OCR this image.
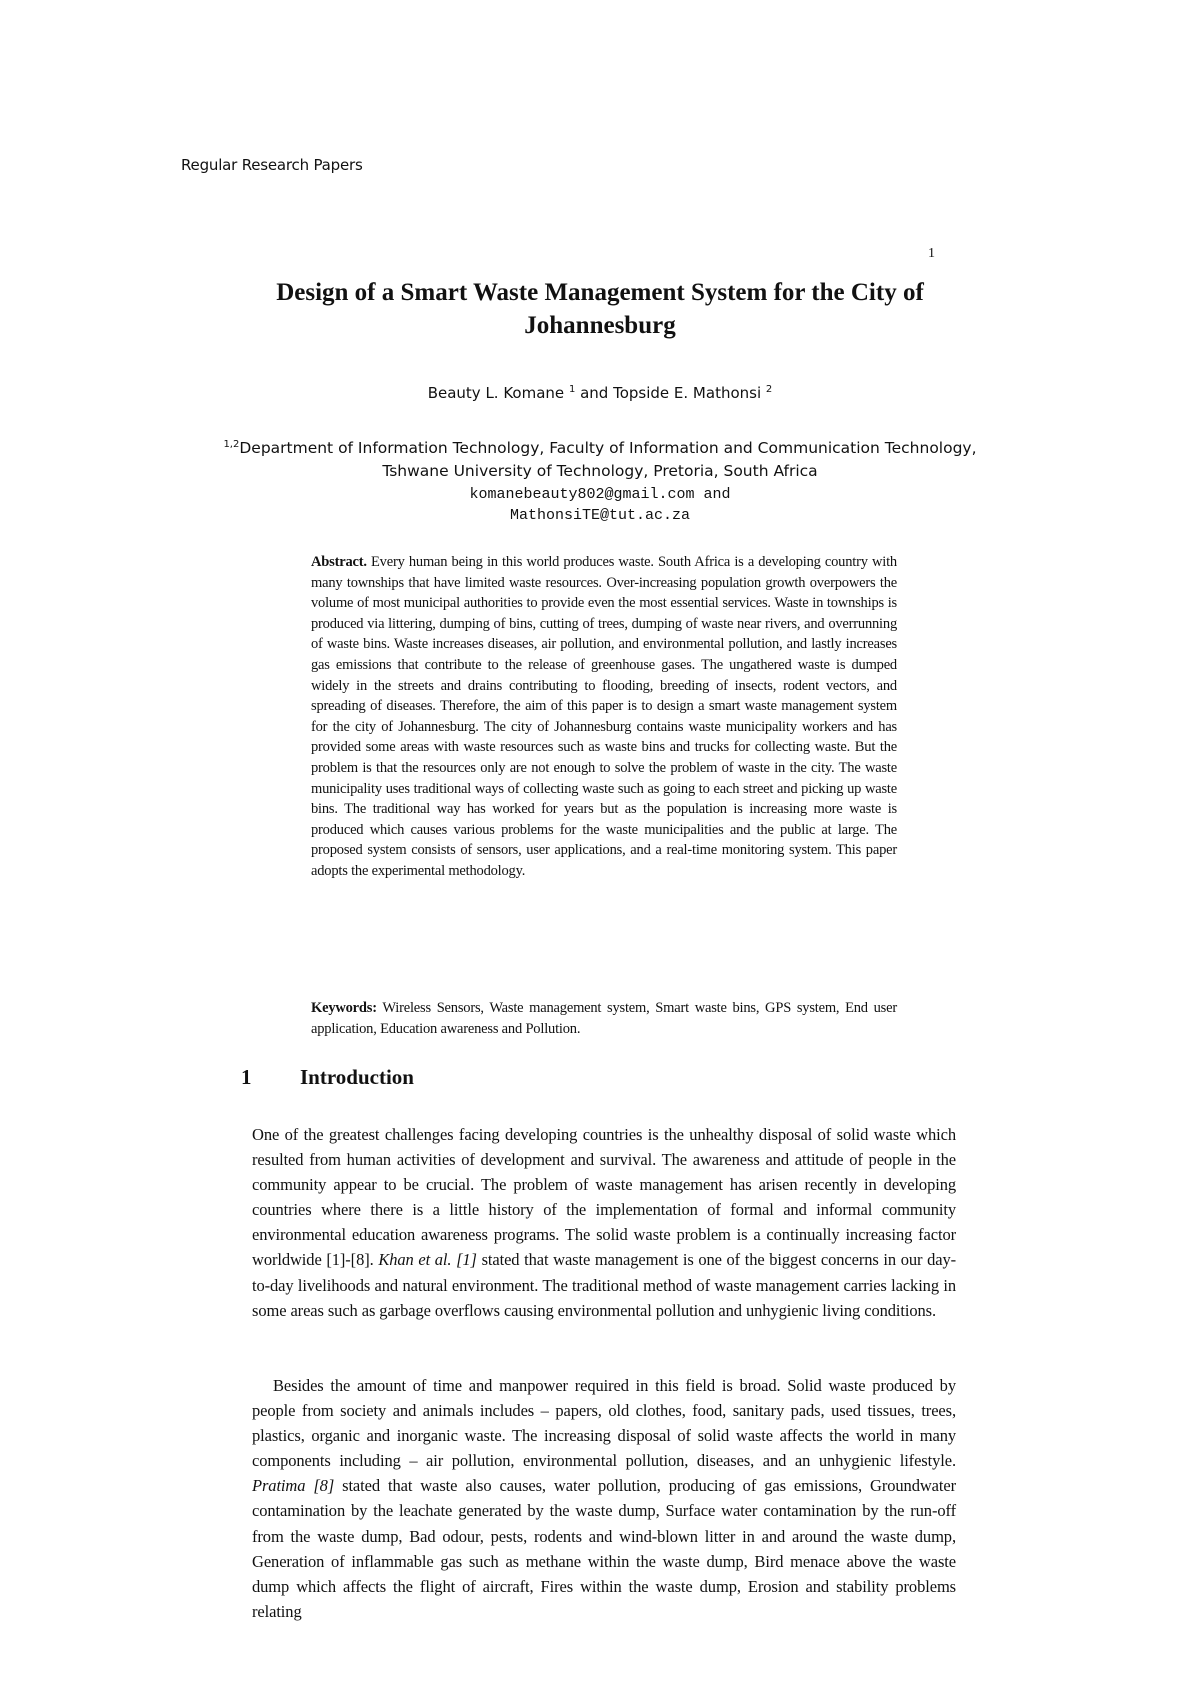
Regular Research Papers
1
Design of a Smart Waste Management System for the City of Johannesburg
Beauty L. Komane $^1$ and Topside E. Mathonsi $^2$
$^{1,2}$Department of Information Technology, Faculty of Information and Communication Technology,
Tshwane University of Technology, Pretoria, South Africa
komanebeauty802@gmail.com and
MathonsiTE@tut.ac.za

Abstract. Every human being in this world produces waste. South Africa is a developing country with many townships that have limited waste resources. Over-increasing population growth overpowers the volume of most municipal authorities to provide even the most essential services. Waste in townships is produced via littering, dumping of bins, cutting of trees, dumping of waste near rivers, and overrunning of waste bins. Waste increases diseases, air pollution, and environmental pollution, and lastly increases gas emissions that contribute to the release of greenhouse gases. The ungathered waste is dumped widely in the streets and drains contributing to flooding, breeding of insects, rodent vectors, and spreading of diseases. Therefore, the aim of this paper is to design a smart waste management system for the city of Johannesburg. The city of Johannesburg contains waste municipality workers and has provided some areas with waste resources such as waste bins and trucks for collecting waste. But the problem is that the resources only are not enough to solve the problem of waste in the city. The waste municipality uses traditional ways of collecting waste such as going to each street and picking up waste bins. The traditional way has worked for years but as the population is increasing more waste is produced which causes various problems for the waste municipalities and the public at large. The proposed system consists of sensors, user applications, and a real-time monitoring system. This paper adopts the experimental methodology.

Keywords: Wireless Sensors, Waste management system, Smart waste bins, GPS system, End user application, Education awareness and Pollution.

1 Introduction

One of the greatest challenges facing developing countries is the unhealthy disposal of solid waste which resulted from human activities of development and survival. The awareness and attitude of people in the community appear to be crucial. The problem of waste management has arisen recently in developing countries where there is a little history of the implementation of formal and informal community environmental education awareness programs. The solid waste problem is a continually increasing factor worldwide [1]-[8]. Khan et al. [1] stated that waste management is one of the biggest concerns in our day-to-day livelihoods and natural environment. The traditional method of waste management carries lacking in some areas such as garbage overflows causing environmental pollution and unhygienic living conditions.

Besides the amount of time and manpower required in this field is broad. Solid waste produced by people from society and animals includes – papers, old clothes, food, sanitary pads, used tissues, trees, plastics, organic and inorganic waste. The increasing disposal of solid waste affects the world in many components including – air pollution, environmental pollution, diseases, and an unhygienic lifestyle. Pratima [8] stated that waste also causes, water pollution, producing of gas emissions, Groundwater contamination by the leachate generated by the waste dump, Surface water contamination by the run-off from the waste dump, Bad odour, pests, rodents and wind-blown litter in and around the waste dump, Generation of inflammable gas such as methane within the waste dump, Bird menace above the waste dump which affects the flight of aircraft, Fires within the waste dump, Erosion and stability problems relating
